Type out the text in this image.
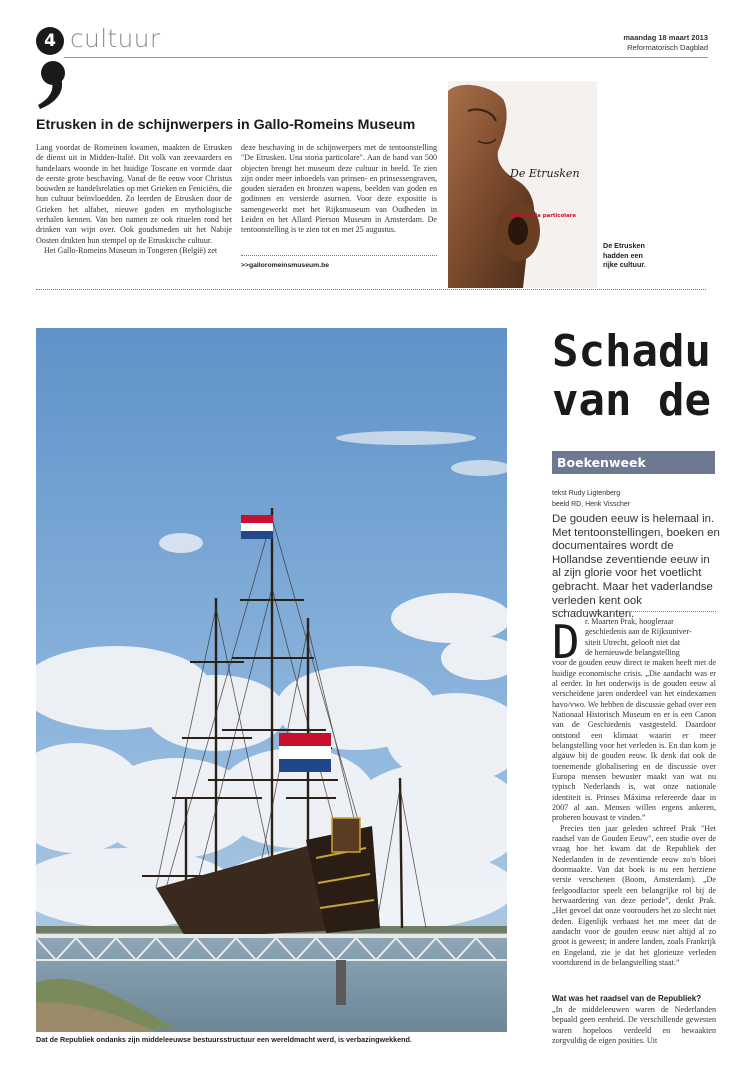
4 cultuur	maandag 18 maart 2013
Reformatorisch Dagblad
Etrusken in de schijnwerpers in Gallo-Romeins Museum

Lang voordat de Romeinen kwamen, maakten de Etrusken de dienst uit in Midden-Italië. Dit volk van zeevaarders en handelaars woonde in het huidige Toscane en vormde daar de eerste grote beschaving. Vanaf de 8e eeuw voor Christus bouwden ze handelsrelaties op met Grieken en Feniciërs, die hun cultuur beïnvloedden. Zo leerden de Etrusken door de Grieken het alfabet, nieuwe goden en mythologische verhalen kennen. Van hen namen ze ook rituelen rond het drinken van wijn over. Ook goudsmeden uit het Nabije Oosten drukten hun stempel op de Etruskische cultuur.

Het Gallo-Romeins Museum in Tongeren (België) zet

deze beschaving in de schijnwerpers met de tentoonstelling "De Etrusken. Una storia particolare". Aan de hand van 500 objecten brengt het museum deze cultuur in beeld. Te zien zijn onder meer inboedels van prinsen- en prinsessengraven, gouden sieraden en bronzen wapens, beelden van goden en godinnen en versierde asurnen. Voor deze expositie is samengewerkt met het Rijksmuseum van Oudheden in Leiden en het Allard Pierson Museum in Amsterdam. De tentoonstelling is te zien tot en met 25 augustus.

>>galloromeinsmuseum.be
De Etrusken
una storia particolare
De Etrusken
hadden een
rijke cultuur.
Dat de Republiek ondanks zijn middeleeuwse bestuursstructuur een wereldmacht werd, is verbazingwekkend.
Schadu
van de
Boekenweek
tekst Rudy Ligtenberg
beeld RD, Henk Visscher
De gouden eeuw is helemaal in. Met tentoonstellingen, boeken en documentaires wordt de Hollandse zeventiende eeuw in al zijn glorie voor het voetlicht gebracht. Maar het vaderlandse verleden kent ook schaduwkanten.
D r. Maarten Prak, hoogleraar
geschiedenis aan de Rijksuniver-
siteit Utrecht, gelooft niet dat
de hernieuwde belangstelling
voor de gouden eeuw direct te maken heeft met de huidige economische crisis. „Die aandacht was er al eerder. In het onderwijs is de gouden eeuw al verscheidene jaren onderdeel van het eindexamen havo/vwo. We hebben de discussie gehad over een Nationaal Historisch Museum en er is een Canon van de Geschiedenis vastgesteld. Daardoor ontstond een klimaat waarin er meer belangstelling voor het verleden is. En dan kom je algauw bij de gouden eeuw. Ik denk dat ook de toenemende globalisering en de discussie over Europa mensen bewuster maakt van wat nu typisch Nederlands is, wat onze nationale identiteit is. Prinses Máxima refereerde daar in 2007 al aan. Mensen willen ergens ankeren, proberen houvast te vinden.”
Precies tien jaar geleden schreef Prak "Het raadsel van de Gouden Eeuw", een studie over de vraag hoe het kwam dat de Republiek der Nederlanden in de zeventiende eeuw zo'n bloei doormaakte. Van dat boek is nu een herziene versie verschenen (Boom, Amsterdam). „De feelgoodfactor speelt een belangrijke rol bij de herwaardering van deze periode”, denkt Prak. „Het gevoel dat onze voorouders het zo slecht niet deden. Eigenlijk verbaast het me meer dat de aandacht voor de gouden eeuw niet altijd al zo groot is geweest; in andere landen, zoals Frankrijk en Engeland, zie je dat het glorieuze verleden voortdurend in de belangstelling staat.”
Wat was het raadsel van de Republiek?
„In de middeleeuwen waren de Nederlanden bepaald geen eenheid. De verschillende gewesten waren hopeloos verdeeld en bewaakten zorgvuldig de eigen posities. Uit
